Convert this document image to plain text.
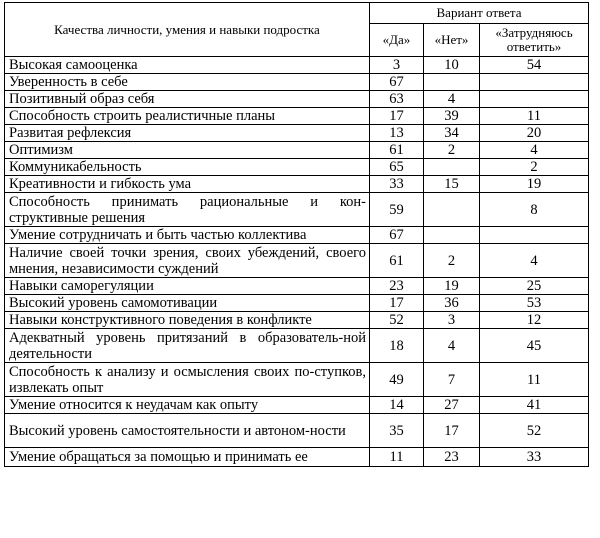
Качества личности, умения и навыки подростка	Вариант ответа		
	«Да»	«Нет»	«Затрудняюсь ответить»
Высокая самооценка	3	10	54
Уверенность в себе	67		
Позитивный образ себя	63	4	
Способность строить реалистичные планы	17	39	11
Развитая рефлексия	13	34	20
Оптимизм	61	2	4
Коммуникабельность	65		2
Креативности и гибкость ума	33	15	19
Способность принимать рациональные и кон-структивные решения	59		8
Умение сотрудничать и быть частью коллектива	67		
Наличие своей точки зрения, своих убеждений, своего мнения, независимости суждений	61	2	4
Навыки саморегуляции	23	19	25
Высокий уровень самомотивации	17	36	53
Навыки конструктивного поведения в конфликте	52	3	12
Адекватный уровень притязаний в образователь-ной деятельности	18	4	45
Способность к анализу и осмысления своих по-ступков, извлекать опыт	49	7	11
Умение относится к неудачам как опыту	14	27	41
Высокий уровень самостоятельности и автоном-ности	35	17	52
Умение обращаться за помощью и принимать ее	11	23	33
